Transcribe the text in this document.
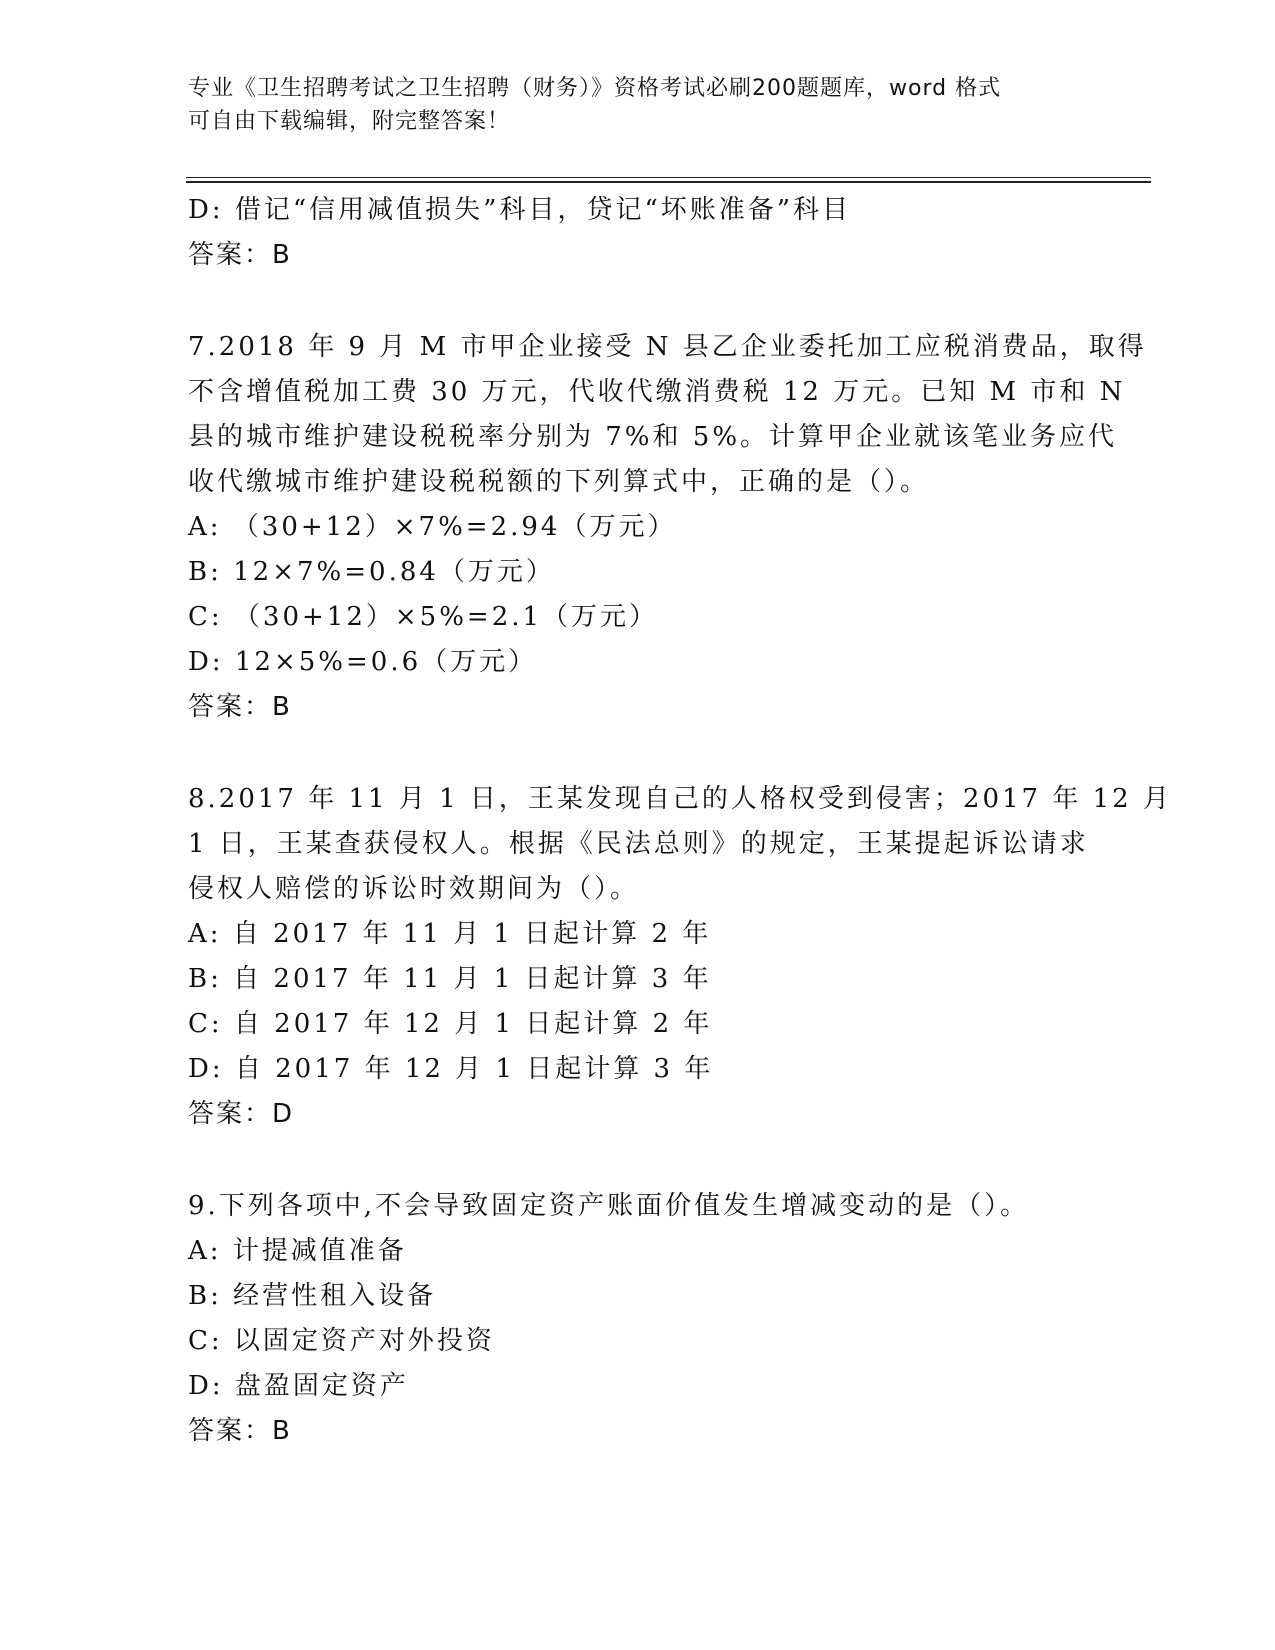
专业《卫生招聘考试之卫生招聘（财务）》资格考试必刷200题题库，word 格式
可自由下载编辑，附完整答案！
D: 借记“信用减值损失”科目，贷记“坏账准备”科目
答案：B
7.2018 年 9 月 M 市甲企业接受 N 县乙企业委托加工应税消费品，取得
不含增值税加工费 30 万元，代收代缴消费税 12 万元。已知 M 市和 N
县的城市维护建设税税率分别为 7%和 5%。计算甲企业就该笔业务应代
收代缴城市维护建设税税额的下列算式中，正确的是（）。
A: （30+12）×7%=2.94（万元）
B: 12×7%=0.84（万元）
C: （30+12）×5%=2.1（万元）
D: 12×5%=0.6（万元）
答案：B
8.2017 年 11 月 1 日，王某发现自己的人格权受到侵害；2017 年 12 月
1 日，王某查获侵权人。根据《民法总则》的规定，王某提起诉讼请求
侵权人赔偿的诉讼时效期间为（）。
A: 自 2017 年 11 月 1 日起计算 2 年
B: 自 2017 年 11 月 1 日起计算 3 年
C: 自 2017 年 12 月 1 日起计算 2 年
D: 自 2017 年 12 月 1 日起计算 3 年
答案：D
9.下列各项中,不会导致固定资产账面价值发生增减变动的是（）。
A: 计提减值准备
B: 经营性租入设备
C: 以固定资产对外投资
D: 盘盈固定资产
答案：B
